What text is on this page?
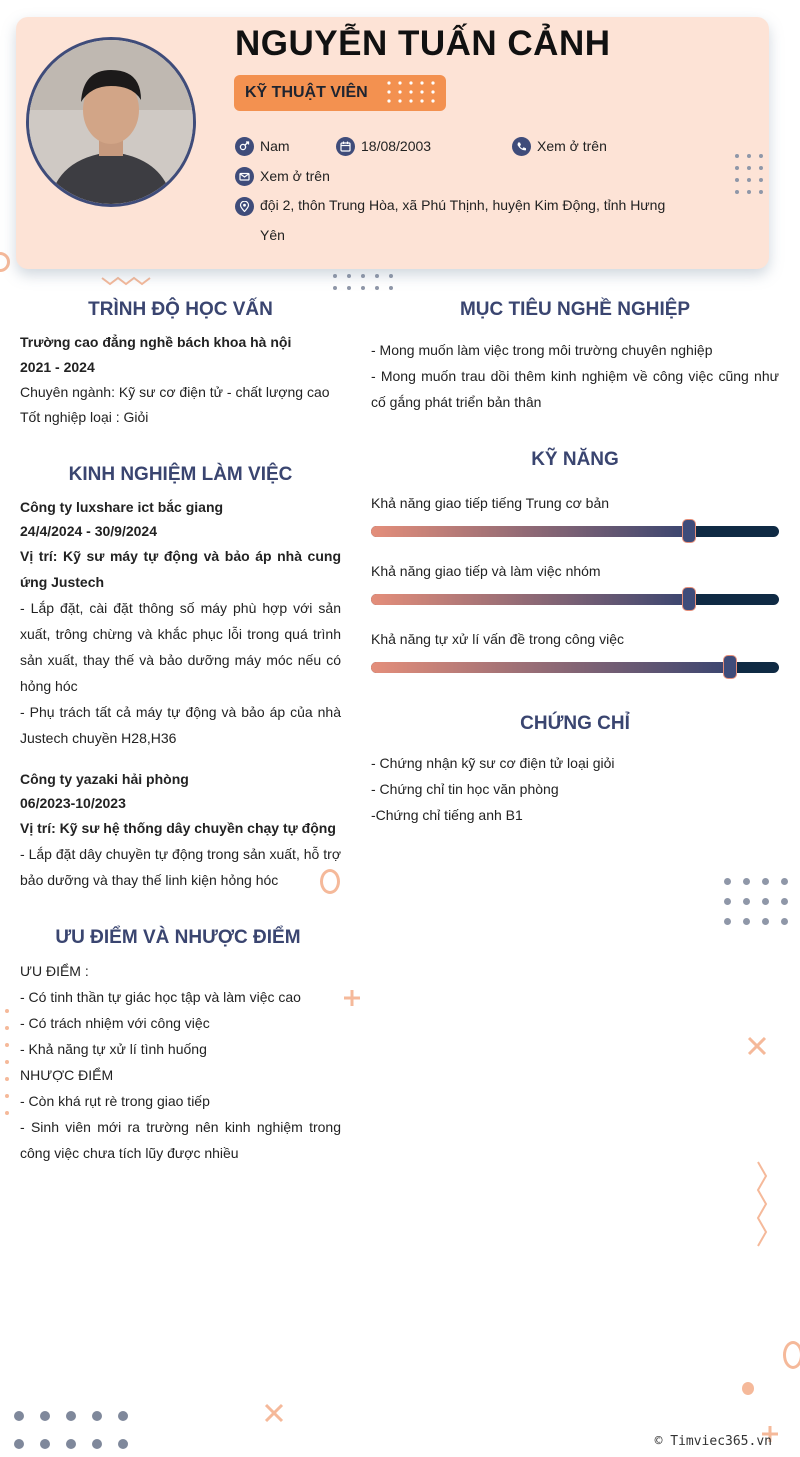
NGUYỄN TUẤN CẢNH
KỸ THUẬT VIÊN
Nam	18/08/2003	Xem ở trên
Xem ở trên
đội 2, thôn Trung Hòa, xã Phú Thịnh, huyện Kim Động, tỉnh Hưng Yên
TRÌNH ĐỘ HỌC VẤN
Trường cao đẳng nghề bách khoa hà nội
2021 - 2024
Chuyên ngành: Kỹ sư cơ điện tử - chất lượng cao
Tốt nghiệp loại : Giỏi
KINH NGHIỆM LÀM VIỆC
Công ty luxshare ict bắc giang
24/4/2024 - 30/9/2024
Vị trí: Kỹ sư máy tự động và bảo áp nhà cung ứng Justech
- Lắp đặt, cài đặt thông số máy phù hợp với sản xuất, trông chừng và khắc phục lỗi trong quá trình sản xuất, thay thế và bảo dưỡng máy móc nếu có hỏng hóc
- Phụ trách tất cả máy tự động và bảo áp của nhà Justech chuyền H28,H36
Công ty yazaki hải phòng
06/2023-10/2023
Vị trí: Kỹ sư hệ thống dây chuyền chạy tự động
- Lắp đặt dây chuyền tự động trong sản xuất, hỗ trợ bảo dưỡng và thay thế linh kiện hỏng hóc
ƯU ĐIỂM VÀ NHƯỢC ĐIỂM
ƯU ĐIỂM :
- Có tinh thần tự giác học tập và làm việc cao
- Có trách nhiệm với công việc
- Khả năng tự xử lí tình huống
NHƯỢC ĐIỂM
- Còn khá rụt rè trong giao tiếp
- Sinh viên mới ra trường nên kinh nghiệm trong công việc chưa tích lũy được nhiều
MỤC TIÊU NGHỀ NGHIỆP
- Mong muốn làm việc trong môi trường chuyên nghiệp
- Mong muốn trau dồi thêm kinh nghiệm về công việc cũng như cố gắng phát triển bản thân
KỸ NĂNG
Khả năng giao tiếp tiếng Trung cơ bản
Khả năng giao tiếp và làm việc nhóm
Khả năng tự xử lí vấn đề trong công việc
CHỨNG CHỈ
- Chứng nhận kỹ sư cơ điện tử loại giỏi
- Chứng chỉ tin học văn phòng
-Chứng chỉ tiếng anh B1
© Timviec365.vn
